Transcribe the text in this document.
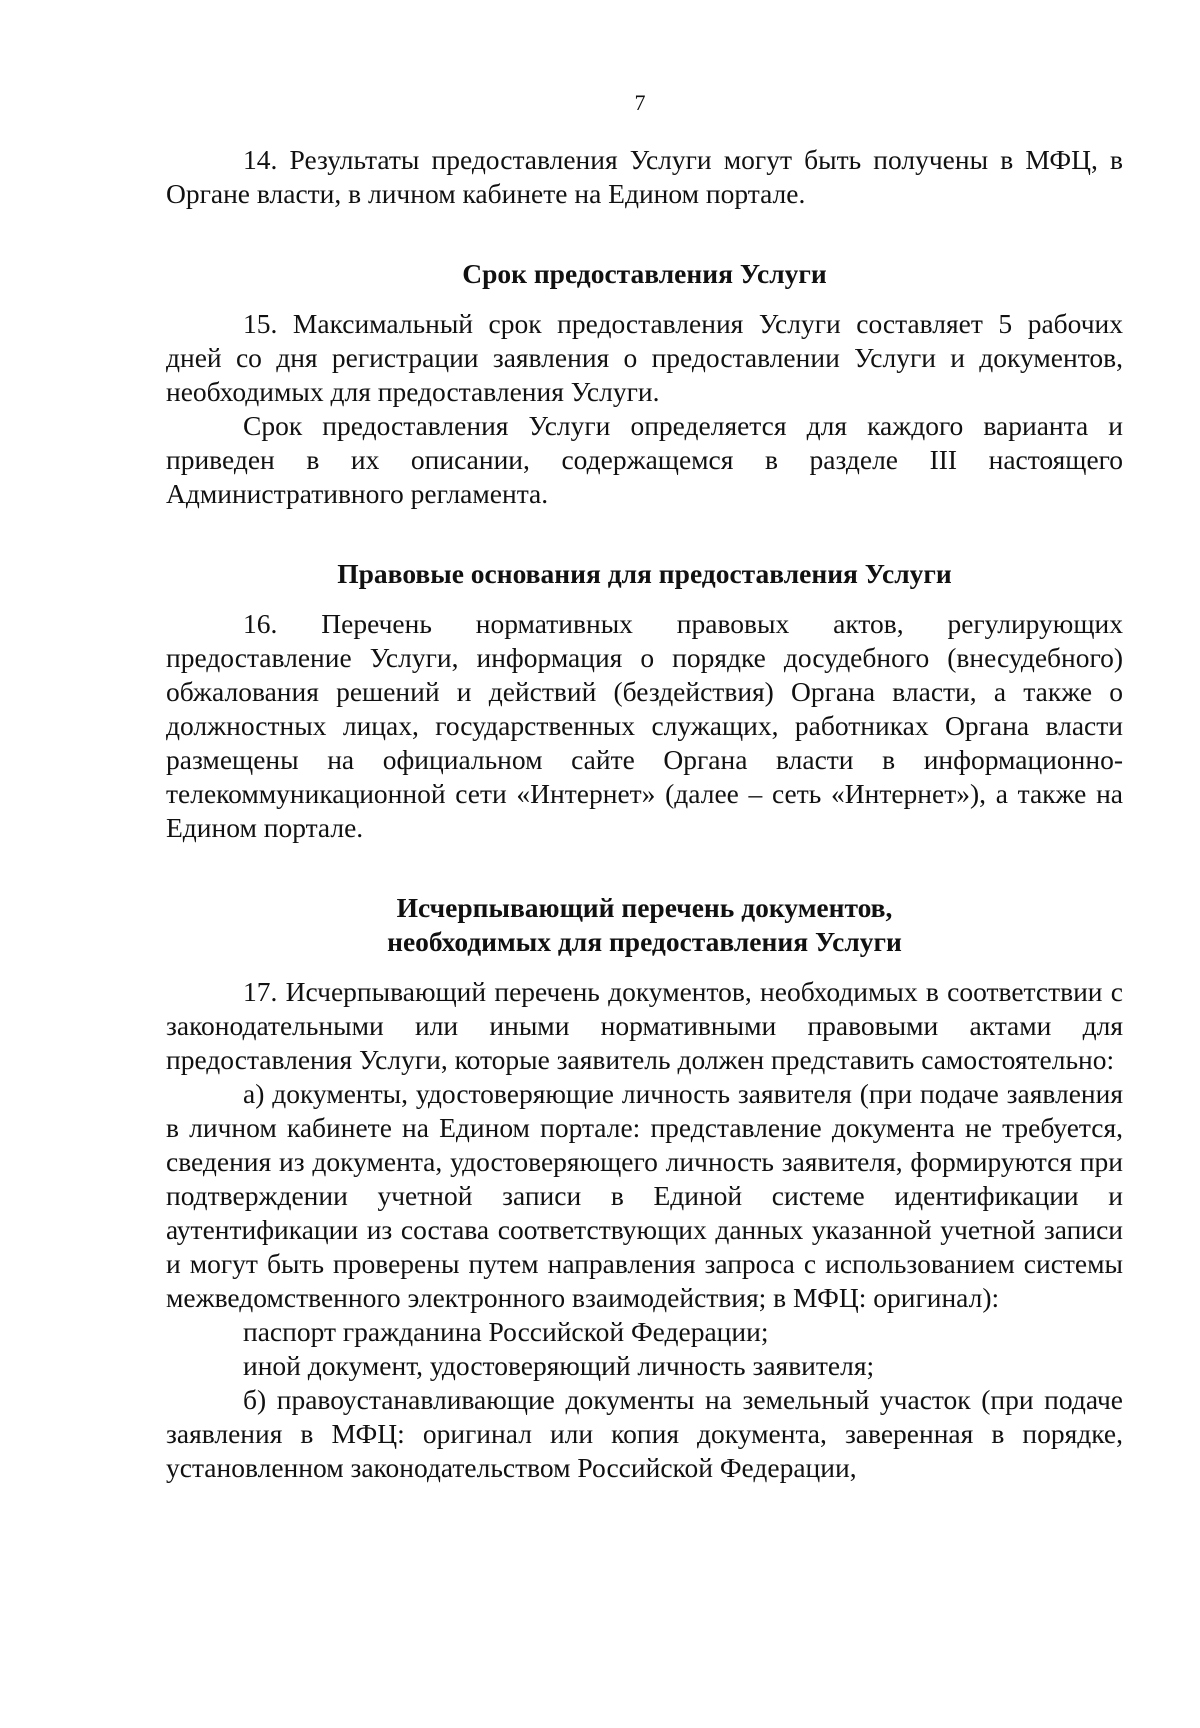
7

14. Результаты предоставления Услуги могут быть получены в МФЦ, в Органе власти, в личном кабинете на Едином портале.

Срок предоставления Услуги

15. Максимальный срок предоставления Услуги составляет 5 рабочих дней со дня регистрации заявления о предоставлении Услуги и документов, необходимых для предоставления Услуги.

Срок предоставления Услуги определяется для каждого варианта и приведен в их описании, содержащемся в разделе III настоящего Административного регламента.

Правовые основания для предоставления Услуги

16. Перечень нормативных правовых актов, регулирующих предоставление Услуги, информация о порядке досудебного (внесудебного) обжалования решений и действий (бездействия) Органа власти, а также о должностных лицах, государственных служащих, работниках Органа власти размещены на официальном сайте Органа власти в информационно-телекоммуникационной сети «Интернет» (далее – сеть «Интернет»), а также на Едином портале.

Исчерпывающий перечень документов,
необходимых для предоставления Услуги

17. Исчерпывающий перечень документов, необходимых в соответствии с законодательными или иными нормативными правовыми актами для предоставления Услуги, которые заявитель должен представить самостоятельно:

а) документы, удостоверяющие личность заявителя (при подаче заявления в личном кабинете на Едином портале: представление документа не требуется, сведения из документа, удостоверяющего личность заявителя, формируются при подтверждении учетной записи в Единой системе идентификации и аутентификации из состава соответствующих данных указанной учетной записи и могут быть проверены путем направления запроса с использованием системы межведомственного электронного взаимодействия; в МФЦ: оригинал):

паспорт гражданина Российской Федерации;

иной документ, удостоверяющий личность заявителя;

б) правоустанавливающие документы на земельный участок (при подаче заявления в МФЦ: оригинал или копия документа, заверенная в порядке, установленном законодательством Российской Федерации,
